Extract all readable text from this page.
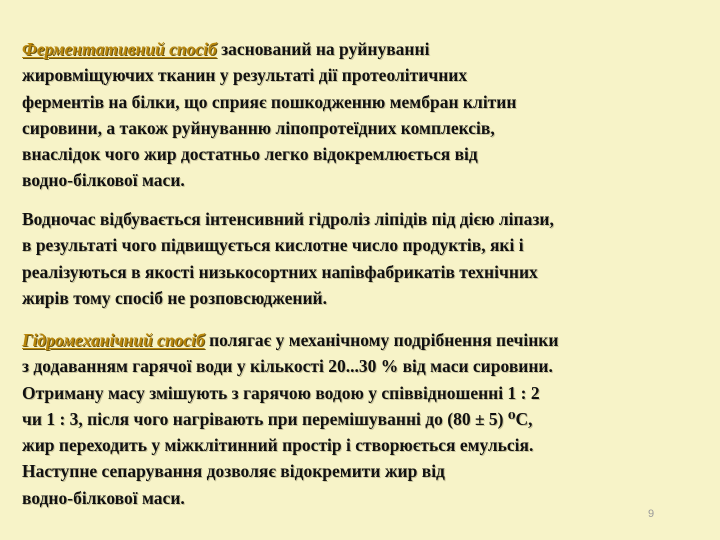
Ферментативний спосіб заснований на руйнуванні
жировміщуючих тканин у результаті дії протеолітичних
ферментів на білки, що сприяє пошкодженню мембран клітин
сировини, а також руйнуванню ліпопротеїдних комплексів,
внаслідок чого жир достатньо легко відокремлюється від
водно-білкової маси.

Водночас відбувається інтенсивний гідроліз ліпідів під дією ліпази,
в результаті чого підвищується кислотне число продуктів, які і
реалізуються в якості низькосортних напівфабрикатів технічних
жирів тому спосіб не розповсюджений.

Гідромеханічний спосіб полягає у механічному подрібнення печінки
з додаванням гарячої води у кількості 20...30 % від маси сировини.
Отриману масу змішують з гарячою водою у співвідношенні 1 : 2
чи 1 : 3, після чого нагрівають при перемішуванні до (80 ± 5) ⁰С,
жир переходить у міжклітинний простір і створюється емульсія.
Наступне сепарування дозволяє відокремити жир від
водно-білкової маси.

9
